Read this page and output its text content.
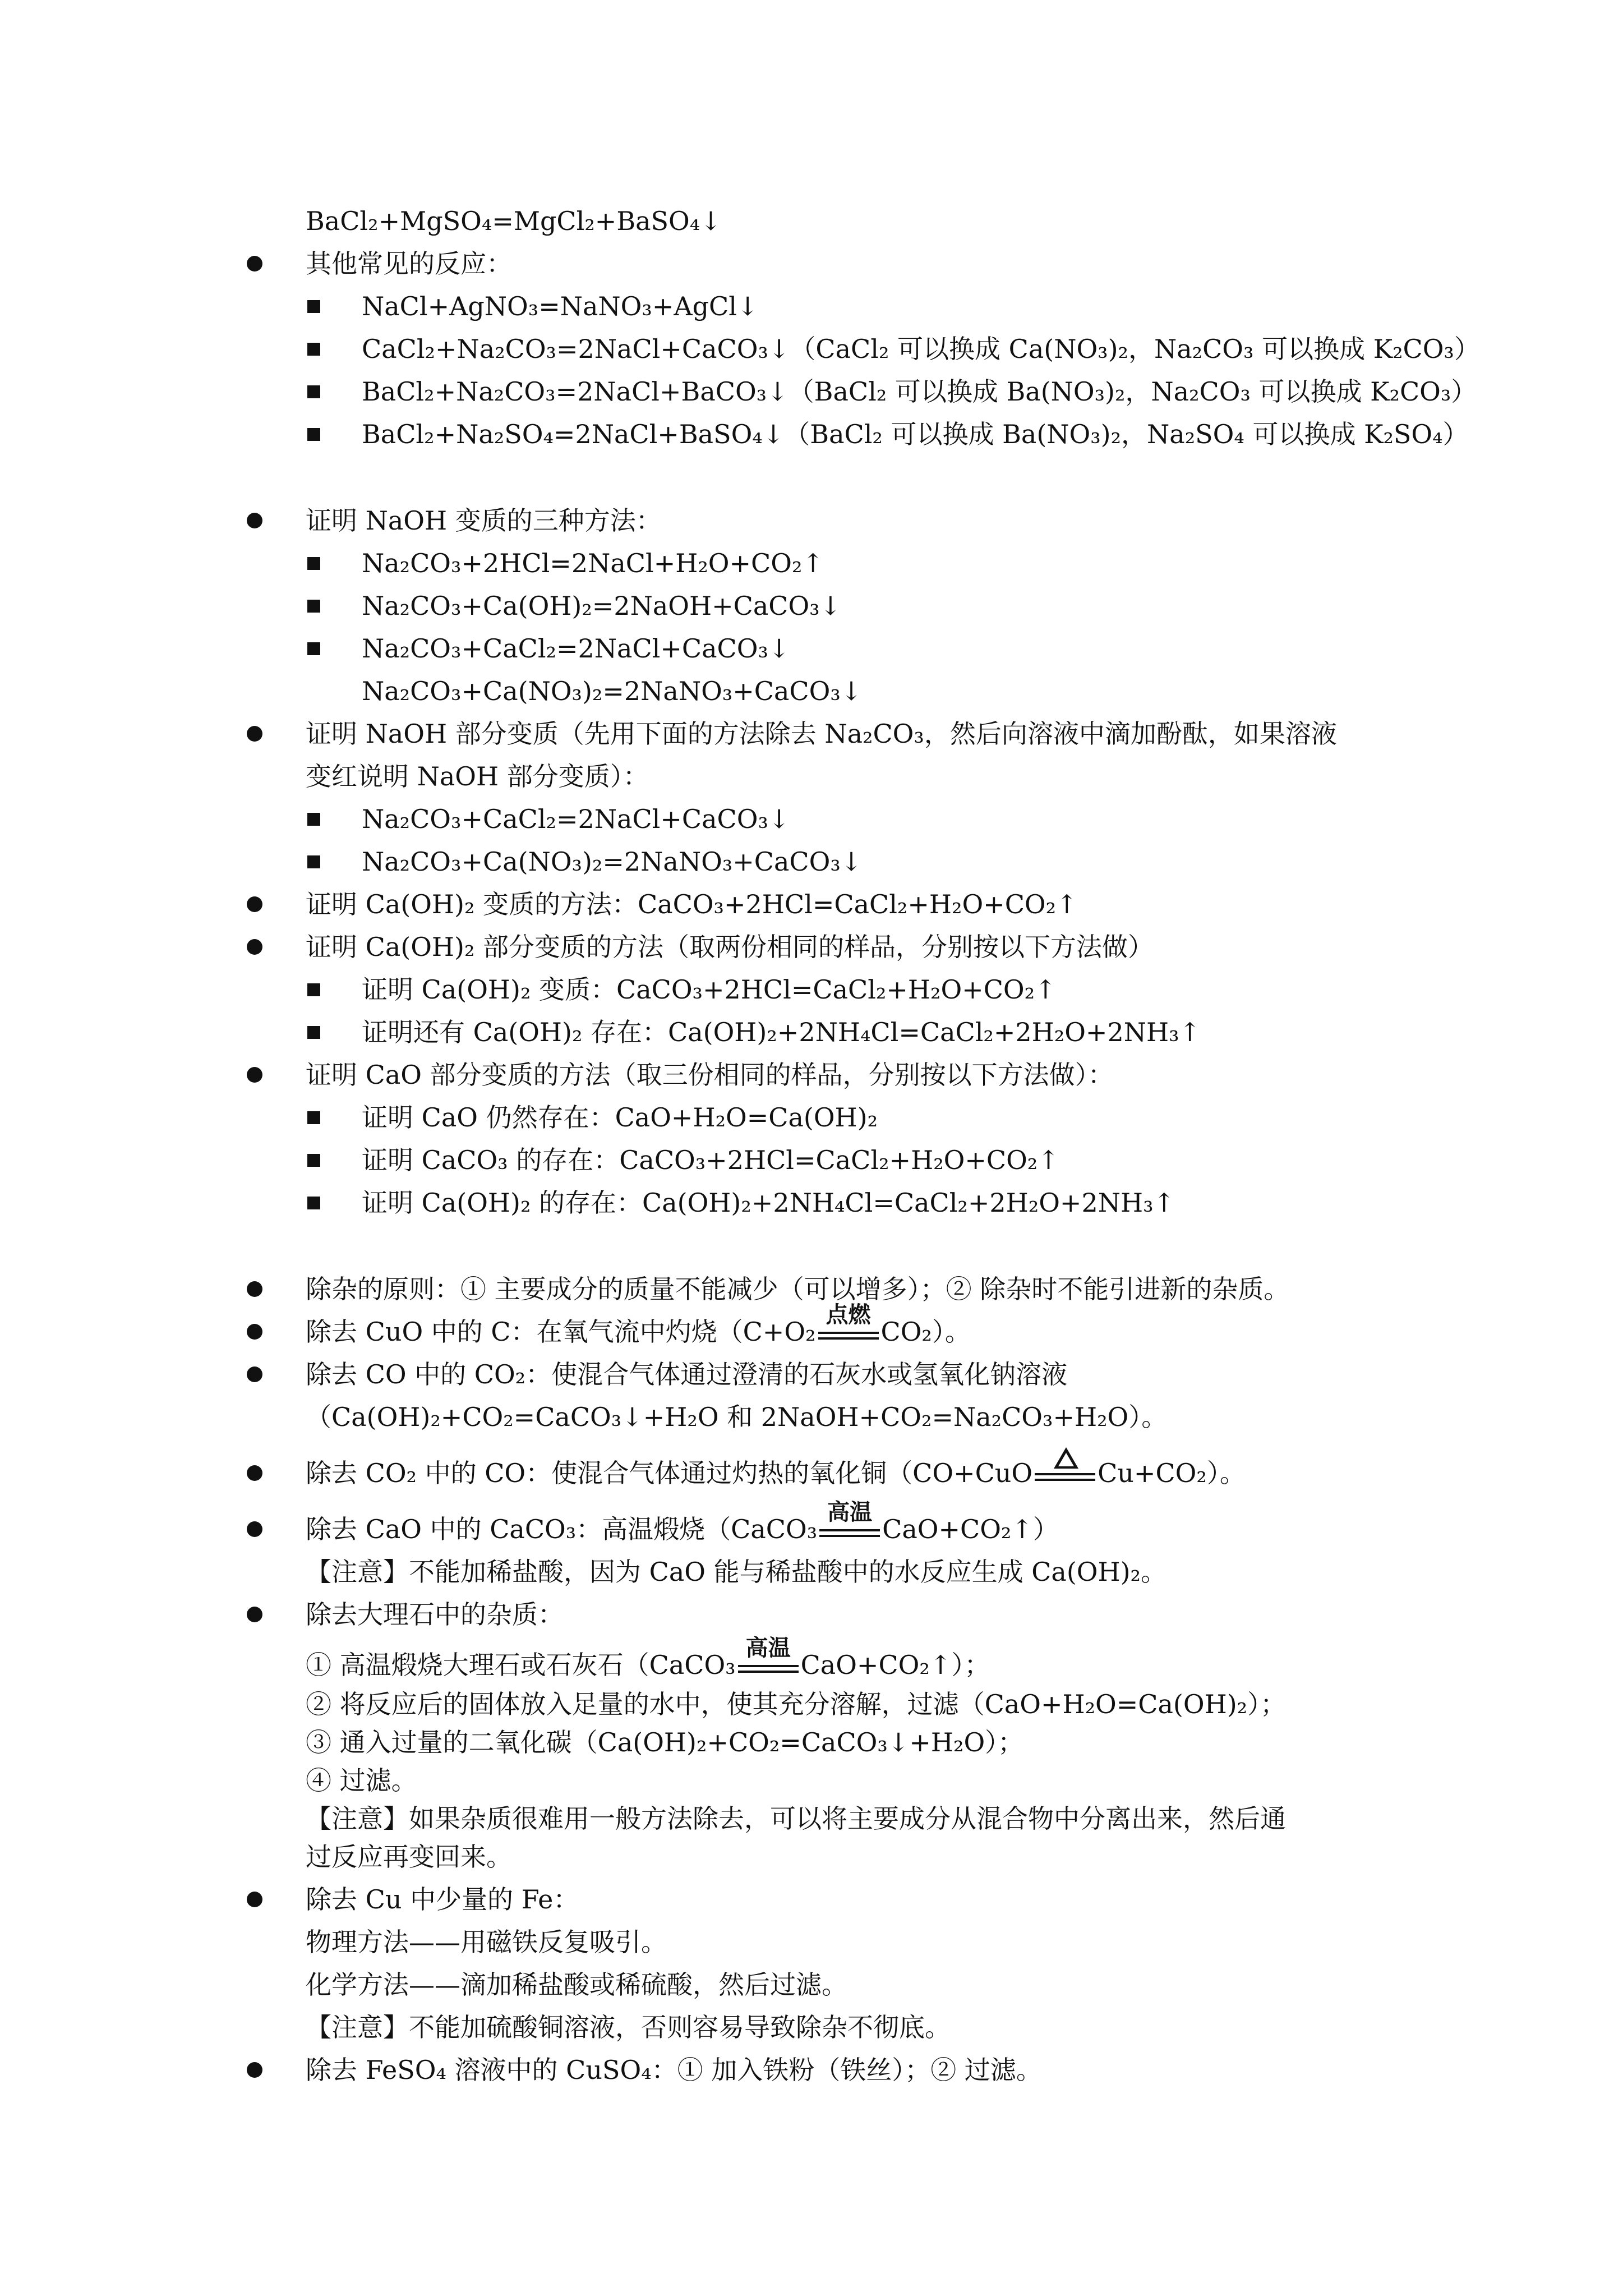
BaCl₂+MgSO₄=MgCl₂+BaSO₄↓
其他常见的反应：
NaCl+AgNO₃=NaNO₃+AgCl↓
CaCl₂+Na₂CO₃=2NaCl+CaCO₃↓（CaCl₂ 可以换成 Ca(NO₃)₂，Na₂CO₃ 可以换成 K₂CO₃）
BaCl₂+Na₂CO₃=2NaCl+BaCO₃↓（BaCl₂ 可以换成 Ba(NO₃)₂，Na₂CO₃ 可以换成 K₂CO₃）
BaCl₂+Na₂SO₄=2NaCl+BaSO₄↓（BaCl₂ 可以换成 Ba(NO₃)₂，Na₂SO₄ 可以换成 K₂SO₄）
证明 NaOH 变质的三种方法：
Na₂CO₃+2HCl=2NaCl+H₂O+CO₂↑
Na₂CO₃+Ca(OH)₂=2NaOH+CaCO₃↓
Na₂CO₃+CaCl₂=2NaCl+CaCO₃↓
Na₂CO₃+Ca(NO₃)₂=2NaNO₃+CaCO₃↓
证明 NaOH 部分变质（先用下面的方法除去 Na₂CO₃，然后向溶液中滴加酚酞，如果溶液
变红说明 NaOH 部分变质）：
Na₂CO₃+CaCl₂=2NaCl+CaCO₃↓
Na₂CO₃+Ca(NO₃)₂=2NaNO₃+CaCO₃↓
证明 Ca(OH)₂ 变质的方法：CaCO₃+2HCl=CaCl₂+H₂O+CO₂↑
证明 Ca(OH)₂ 部分变质的方法（取两份相同的样品，分别按以下方法做）
证明 Ca(OH)₂ 变质：CaCO₃+2HCl=CaCl₂+H₂O+CO₂↑
证明还有 Ca(OH)₂ 存在：Ca(OH)₂+2NH₄Cl=CaCl₂+2H₂O+2NH₃↑
证明 CaO 部分变质的方法（取三份相同的样品，分别按以下方法做）：
证明 CaO 仍然存在：CaO+H₂O=Ca(OH)₂
证明 CaCO₃ 的存在：CaCO₃+2HCl=CaCl₂+H₂O+CO₂↑
证明 Ca(OH)₂ 的存在：Ca(OH)₂+2NH₄Cl=CaCl₂+2H₂O+2NH₃↑
除杂的原则：① 主要成分的质量不能减少（可以增多）；② 除杂时不能引进新的杂质。
除去 CuO 中的 C：在氧气流中灼烧（C+O₂
点燃
CO₂）。
除去 CO 中的 CO₂：使混合气体通过澄清的石灰水或氢氧化钠溶液
（Ca(OH)₂+CO₂=CaCO₃↓+H₂O 和 2NaOH+CO₂=Na₂CO₃+H₂O）。
除去 CO₂ 中的 CO：使混合气体通过灼热的氧化铜（CO+CuO	Cu+CO₂）。
除去 CaO 中的 CaCO₃：高温煅烧（CaCO₃
高温
CaO+CO₂↑）
【注意】不能加稀盐酸，因为 CaO 能与稀盐酸中的水反应生成 Ca(OH)₂。
除去大理石中的杂质：
① 高温煅烧大理石或石灰石（CaCO₃
高温
CaO+CO₂↑）；
② 将反应后的固体放入足量的水中，使其充分溶解，过滤（CaO+H₂O=Ca(OH)₂）；
③ 通入过量的二氧化碳（Ca(OH)₂+CO₂=CaCO₃↓+H₂O）；
④ 过滤。
【注意】如果杂质很难用一般方法除去，可以将主要成分从混合物中分离出来，然后通
过反应再变回来。
除去 Cu 中少量的 Fe：
物理方法——用磁铁反复吸引。
化学方法——滴加稀盐酸或稀硫酸，然后过滤。
【注意】不能加硫酸铜溶液，否则容易导致除杂不彻底。
除去 FeSO₄ 溶液中的 CuSO₄：① 加入铁粉（铁丝）；② 过滤。
